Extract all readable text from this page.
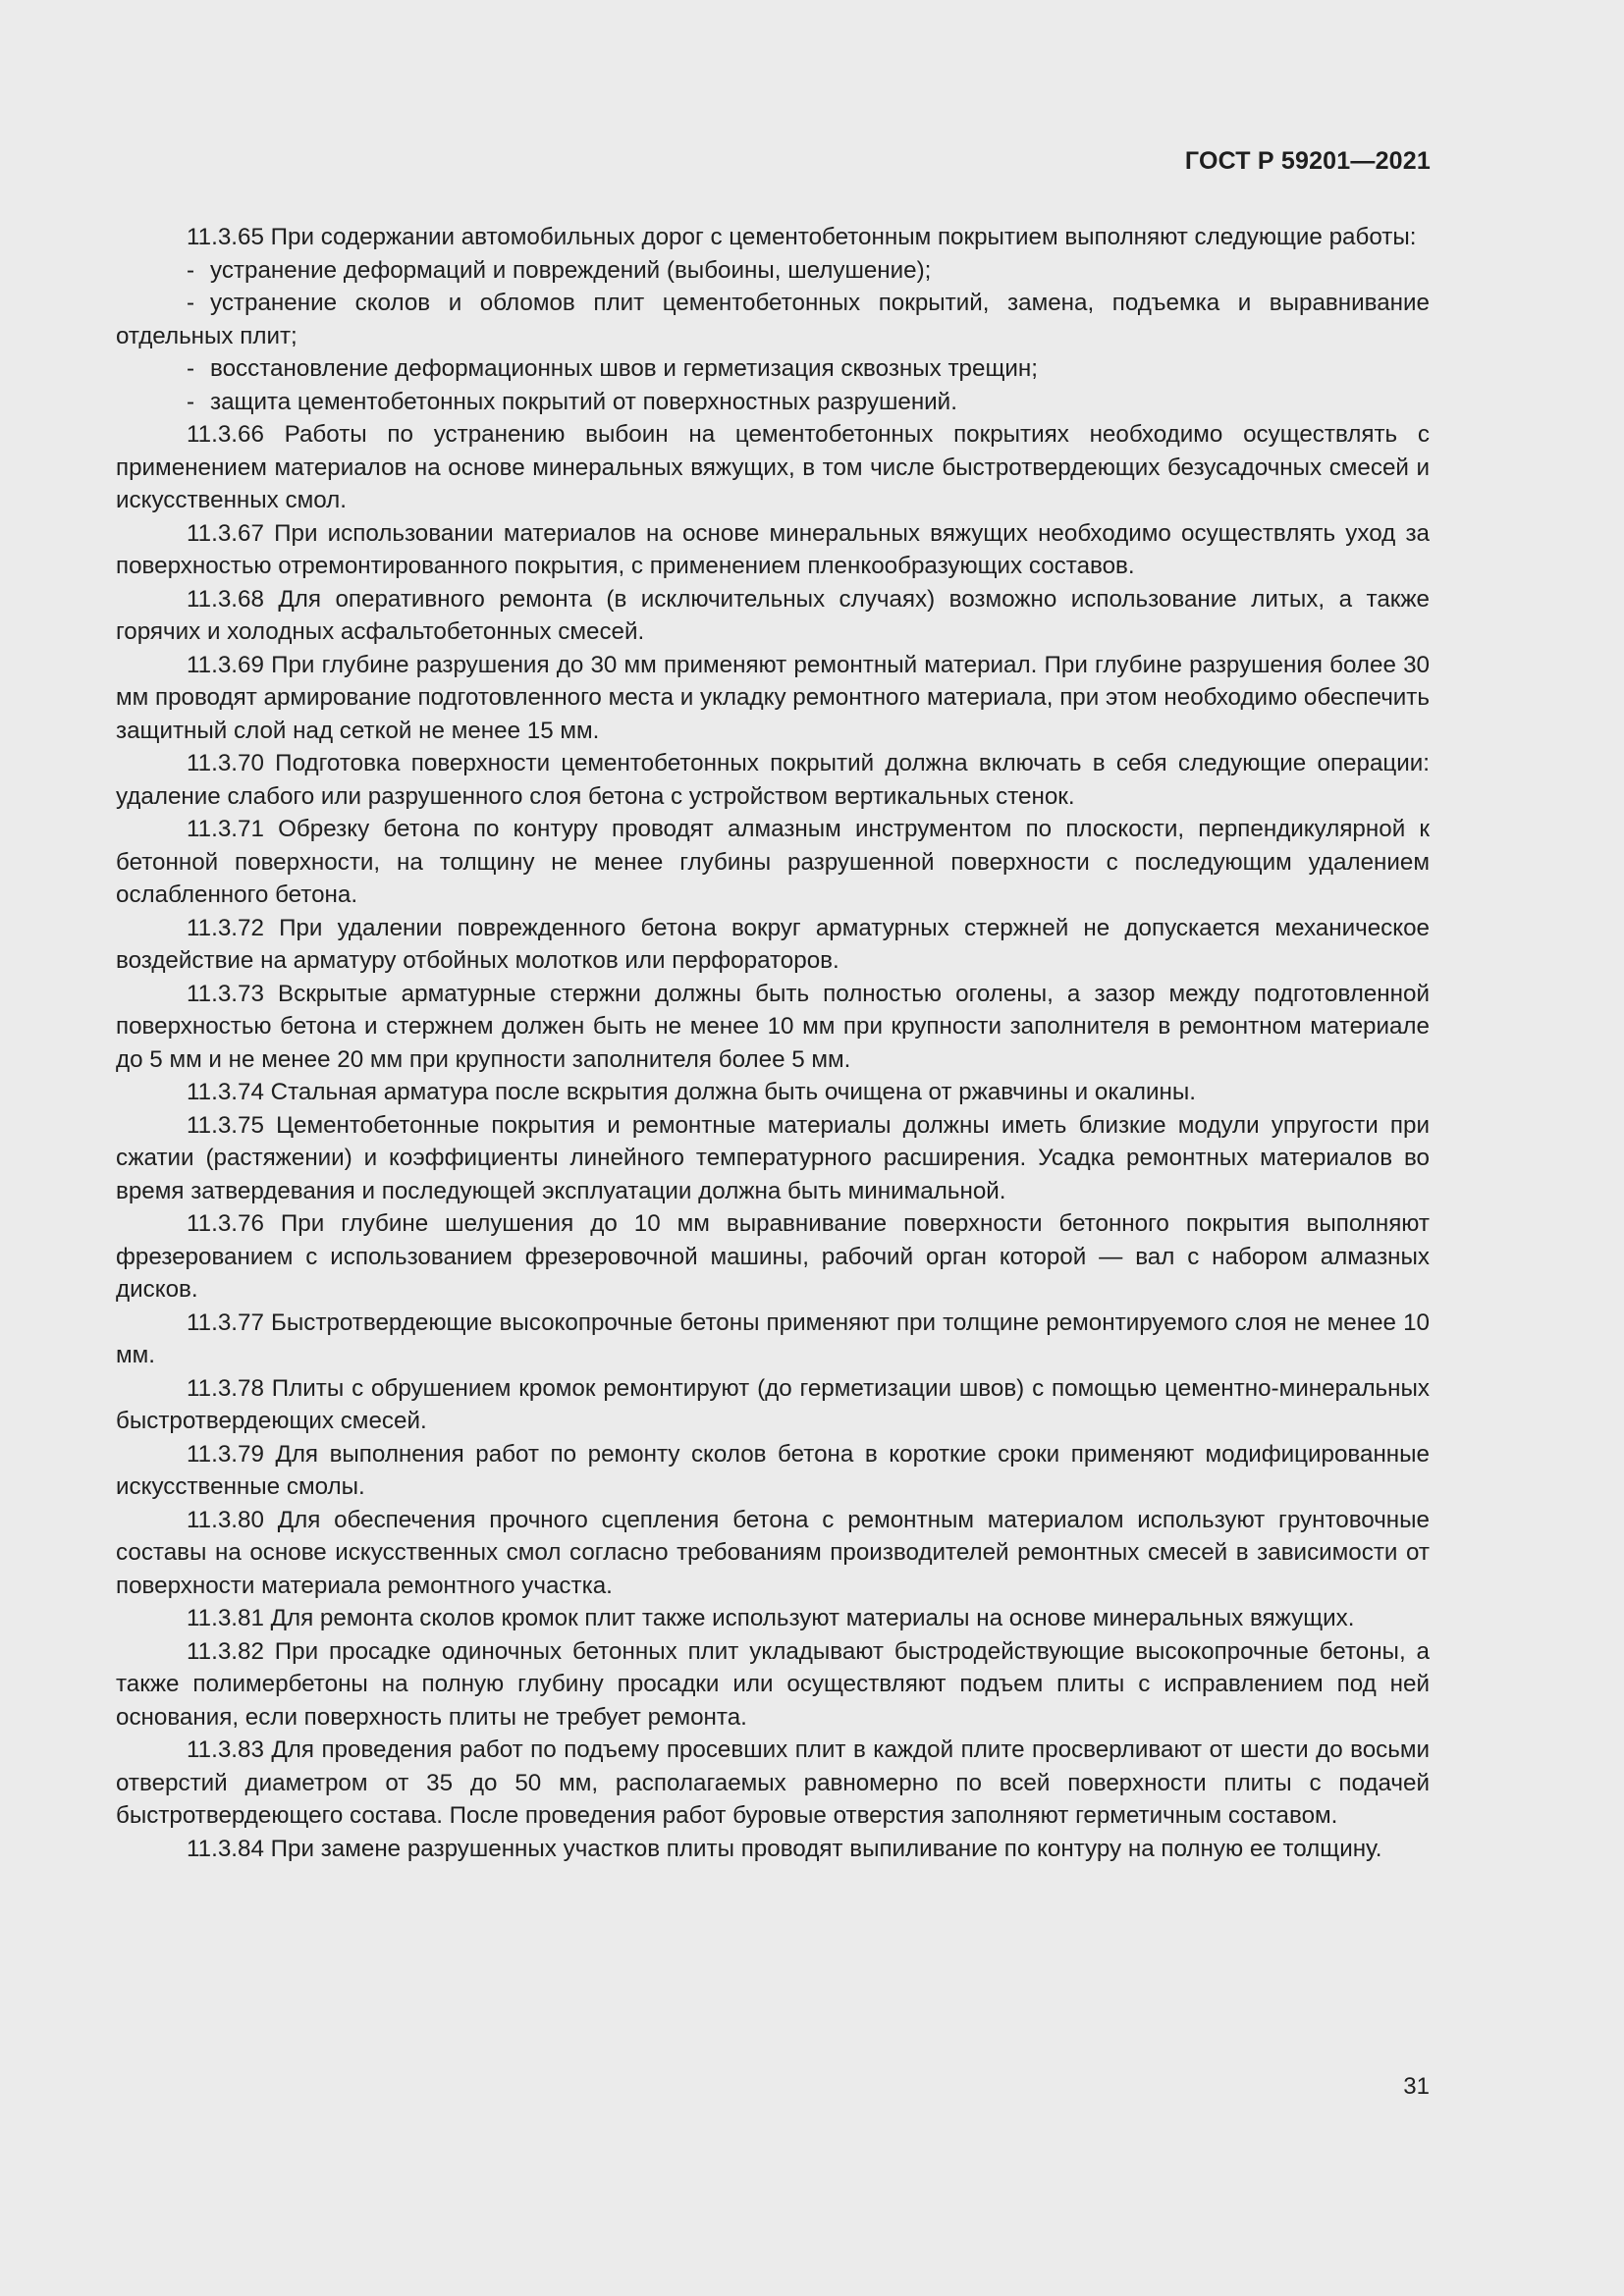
ГОСТ Р 59201—2021

11.3.65 При содержании автомобильных дорог с цементобетонным покрытием выполняют следующие работы:

- устранение деформаций и повреждений (выбоины, шелушение);

- устранение сколов и обломов плит цементобетонных покрытий, замена, подъемка и выравнивание отдельных плит;

- восстановление деформационных швов и герметизация сквозных трещин;

- защита цементобетонных покрытий от поверхностных разрушений.

11.3.66 Работы по устранению выбоин на цементобетонных покрытиях необходимо осуществлять с применением материалов на основе минеральных вяжущих, в том числе быстротвердеющих безусадочных смесей и искусственных смол.

11.3.67 При использовании материалов на основе минеральных вяжущих необходимо осуществлять уход за поверхностью отремонтированного покрытия, с применением пленкообразующих составов.

11.3.68 Для оперативного ремонта (в исключительных случаях) возможно использование литых, а также горячих и холодных асфальтобетонных смесей.

11.3.69 При глубине разрушения до 30 мм применяют ремонтный материал. При глубине разрушения более 30 мм проводят армирование подготовленного места и укладку ремонтного материала, при этом необходимо обеспечить защитный слой над сеткой не менее 15 мм.

11.3.70 Подготовка поверхности цементобетонных покрытий должна включать в себя следующие операции: удаление слабого или разрушенного слоя бетона с устройством вертикальных стенок.

11.3.71 Обрезку бетона по контуру проводят алмазным инструментом по плоскости, перпендикулярной к бетонной поверхности, на толщину не менее глубины разрушенной поверхности с последующим удалением ослабленного бетона.

11.3.72 При удалении поврежденного бетона вокруг арматурных стержней не допускается механическое воздействие на арматуру отбойных молотков или перфораторов.

11.3.73 Вскрытые арматурные стержни должны быть полностью оголены, а зазор между подготовленной поверхностью бетона и стержнем должен быть не менее 10 мм при крупности заполнителя в ремонтном материале до 5 мм и не менее 20 мм при крупности заполнителя более 5 мм.

11.3.74 Стальная арматура после вскрытия должна быть очищена от ржавчины и окалины.

11.3.75 Цементобетонные покрытия и ремонтные материалы должны иметь близкие модули упругости при сжатии (растяжении) и коэффициенты линейного температурного расширения. Усадка ремонтных материалов во время затвердевания и последующей эксплуатации должна быть минимальной.

11.3.76 При глубине шелушения до 10 мм выравнивание поверхности бетонного покрытия выполняют фрезерованием с использованием фрезеровочной машины, рабочий орган которой — вал с набором алмазных дисков.

11.3.77 Быстротвердеющие высокопрочные бетоны применяют при толщине ремонтируемого слоя не менее 10 мм.

11.3.78 Плиты с обрушением кромок ремонтируют (до герметизации швов) с помощью цементно-минеральных быстротвердеющих смесей.

11.3.79 Для выполнения работ по ремонту сколов бетона в короткие сроки применяют модифицированные искусственные смолы.

11.3.80 Для обеспечения прочного сцепления бетона с ремонтным материалом используют грунтовочные составы на основе искусственных смол согласно требованиям производителей ремонтных смесей в зависимости от поверхности материала ремонтного участка.

11.3.81 Для ремонта сколов кромок плит также используют материалы на основе минеральных вяжущих.

11.3.82 При просадке одиночных бетонных плит укладывают быстродействующие высокопрочные бетоны, а также полимербетоны на полную глубину просадки или осуществляют подъем плиты с исправлением под ней основания, если поверхность плиты не требует ремонта.

11.3.83 Для проведения работ по подъему просевших плит в каждой плите просверливают от шести до восьми отверстий диаметром от 35 до 50 мм, располагаемых равномерно по всей поверхности плиты с подачей быстротвердеющего состава. После проведения работ буровые отверстия заполняют герметичным составом.

11.3.84 При замене разрушенных участков плиты проводят выпиливание по контуру на полную ее толщину.

31
